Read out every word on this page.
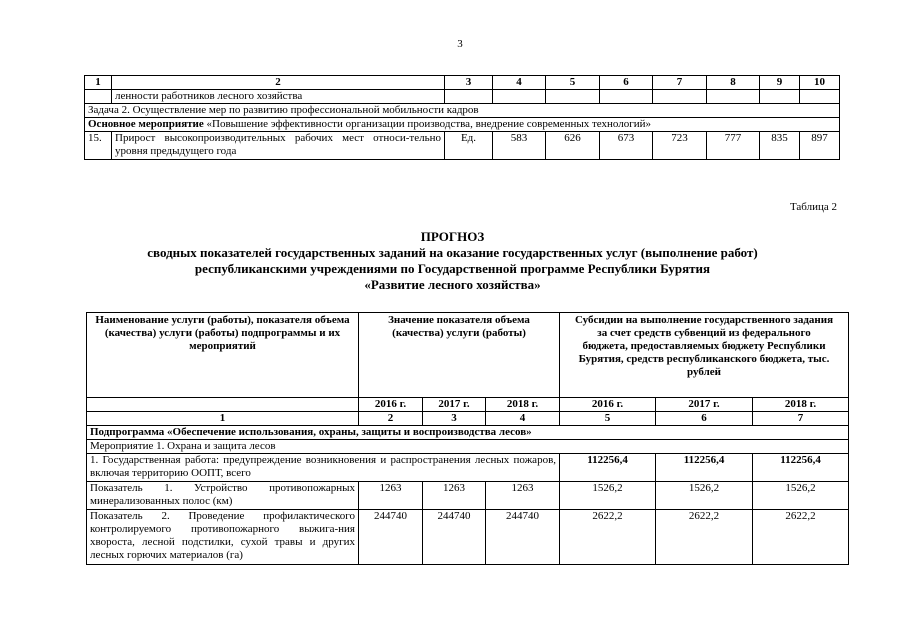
3
1	2	3	4	5	6	7	8	9	10
	ленности работников лесного хозяйства								
Задача 2. Осуществление мер по развитию профессиональной мобильности кадров									
Основное мероприятие «Повышение эффективности организации производства, внедрение современных технологий»									
15.	Прирост высокопроизводительных рабочих мест относи-тельно уровня предыдущего года	Ед.	583	626	673	723	777	835	897
Таблица 2
ПРОГНОЗ
сводных показателей государственных заданий на оказание государственных услуг (выполнение работ)
республиканскими учреждениями по Государственной программе Республики Бурятия
«Развитие лесного хозяйства»
Наименование услуги (работы), показателя объема (качества) услуги (работы) подпрограммы и их мероприятий	Значение показателя объема (качества) услуги (работы)			Субсидии на выполнение государственного задания за счет средств субвенций из федерального бюджета, предоставляемых бюджету Республики Бурятия, средств республиканского бюджета, тыс. рублей		
	2016 г.	2017 г.	2018 г.	2016 г.	2017 г.	2018 г.
1	2	3	4	5	6	7
Подпрограмма «Обеспечение использования, охраны, защиты и воспроизводства лесов»						
Мероприятие 1. Охрана и защита лесов						
1. Государственная работа: предупреждение возникновения и распространения лесных пожаров, включая территорию ООПТ, всего				112256,4	112256,4	112256,4
Показатель 1. Устройство противопожарных минерализованных полос (км)	1263	1263	1263	1526,2	1526,2	1526,2
Показатель 2. Проведение профилактического контролируемого противопожарного выжига-ния хвороста, лесной подстилки, сухой травы и других лесных горючих материалов (га)	244740	244740	244740	2622,2	2622,2	2622,2
